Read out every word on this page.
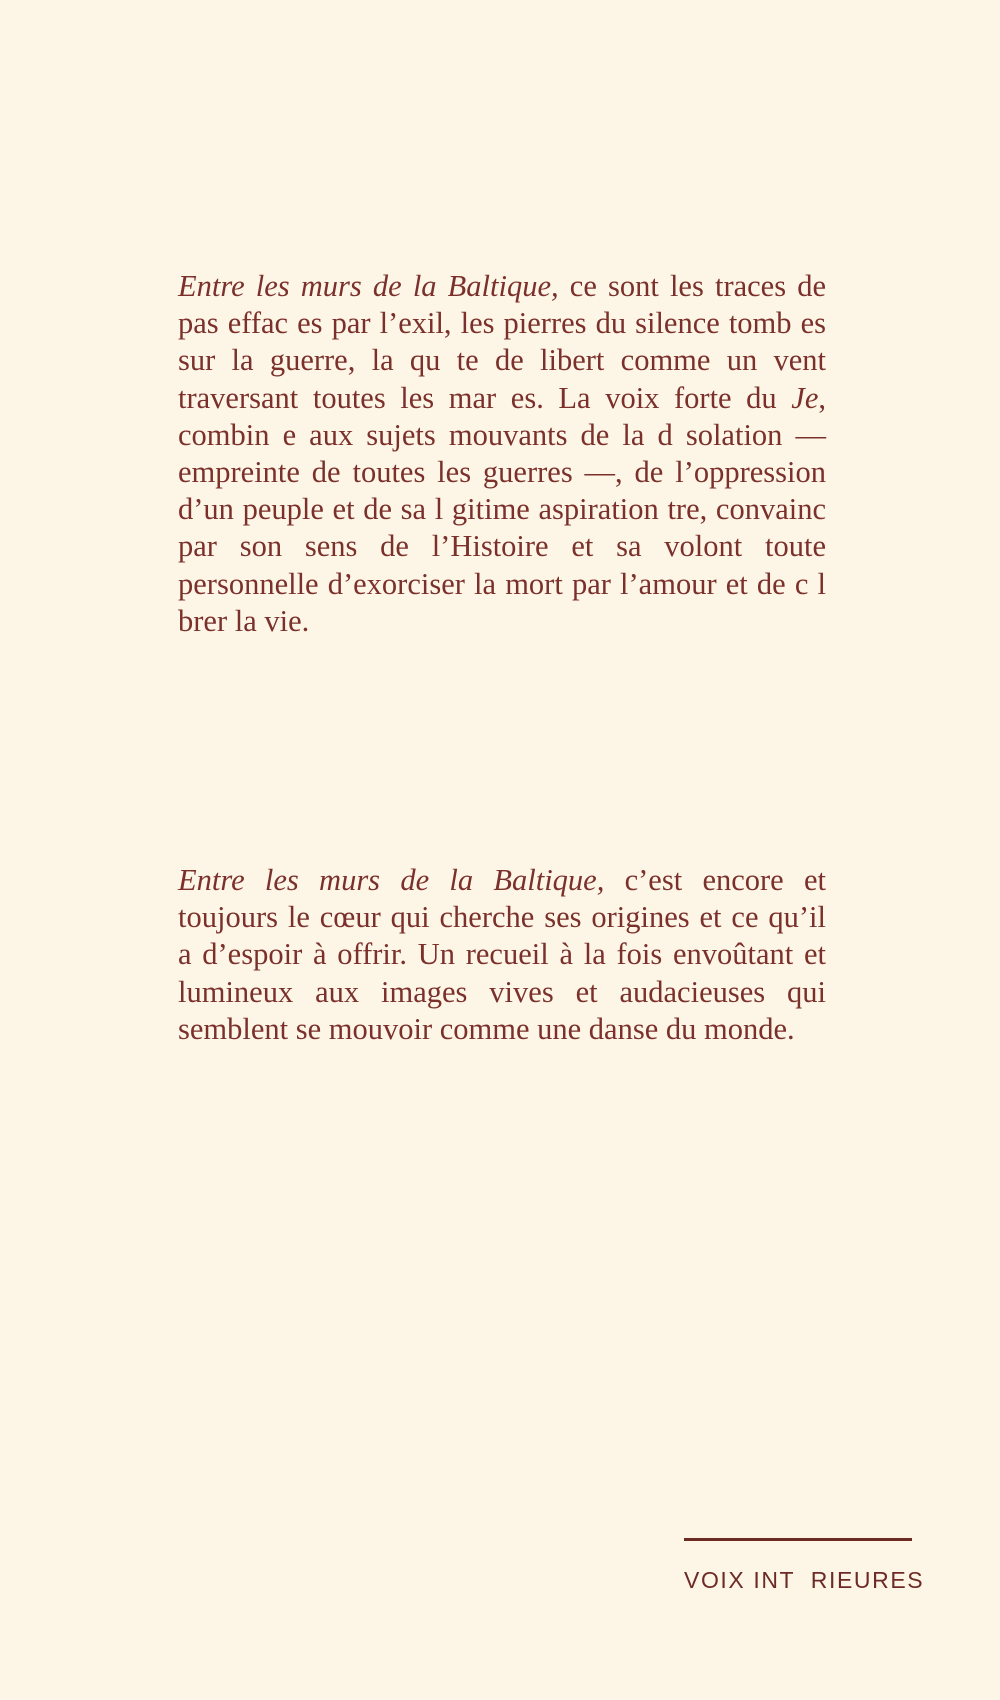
Entre les murs de la Baltique, ce sont les traces de pas effac es par l’exil, les pierres du silence tomb es sur la guerre, la qu te de libert comme un vent traversant toutes les mar es. La voix forte du Je, combin e aux sujets mouvants de la d solation — empreinte de toutes les guerres —, de l’oppression d’un peuple et de sa l gitime aspiration tre, convainc par son sens de l’Histoire et sa volont toute personnelle d’exorciser la mort par l’amour et de c l brer la vie.

Entre les murs de la Baltique, c’est encore et toujours le cœur qui cherche ses origines et ce qu’il a d’espoir à offrir. Un recueil à la fois envoûtant et lumineux aux images vives et audacieuses qui semblent se mouvoir comme une danse du monde.

VOIX INT  RIEURES
